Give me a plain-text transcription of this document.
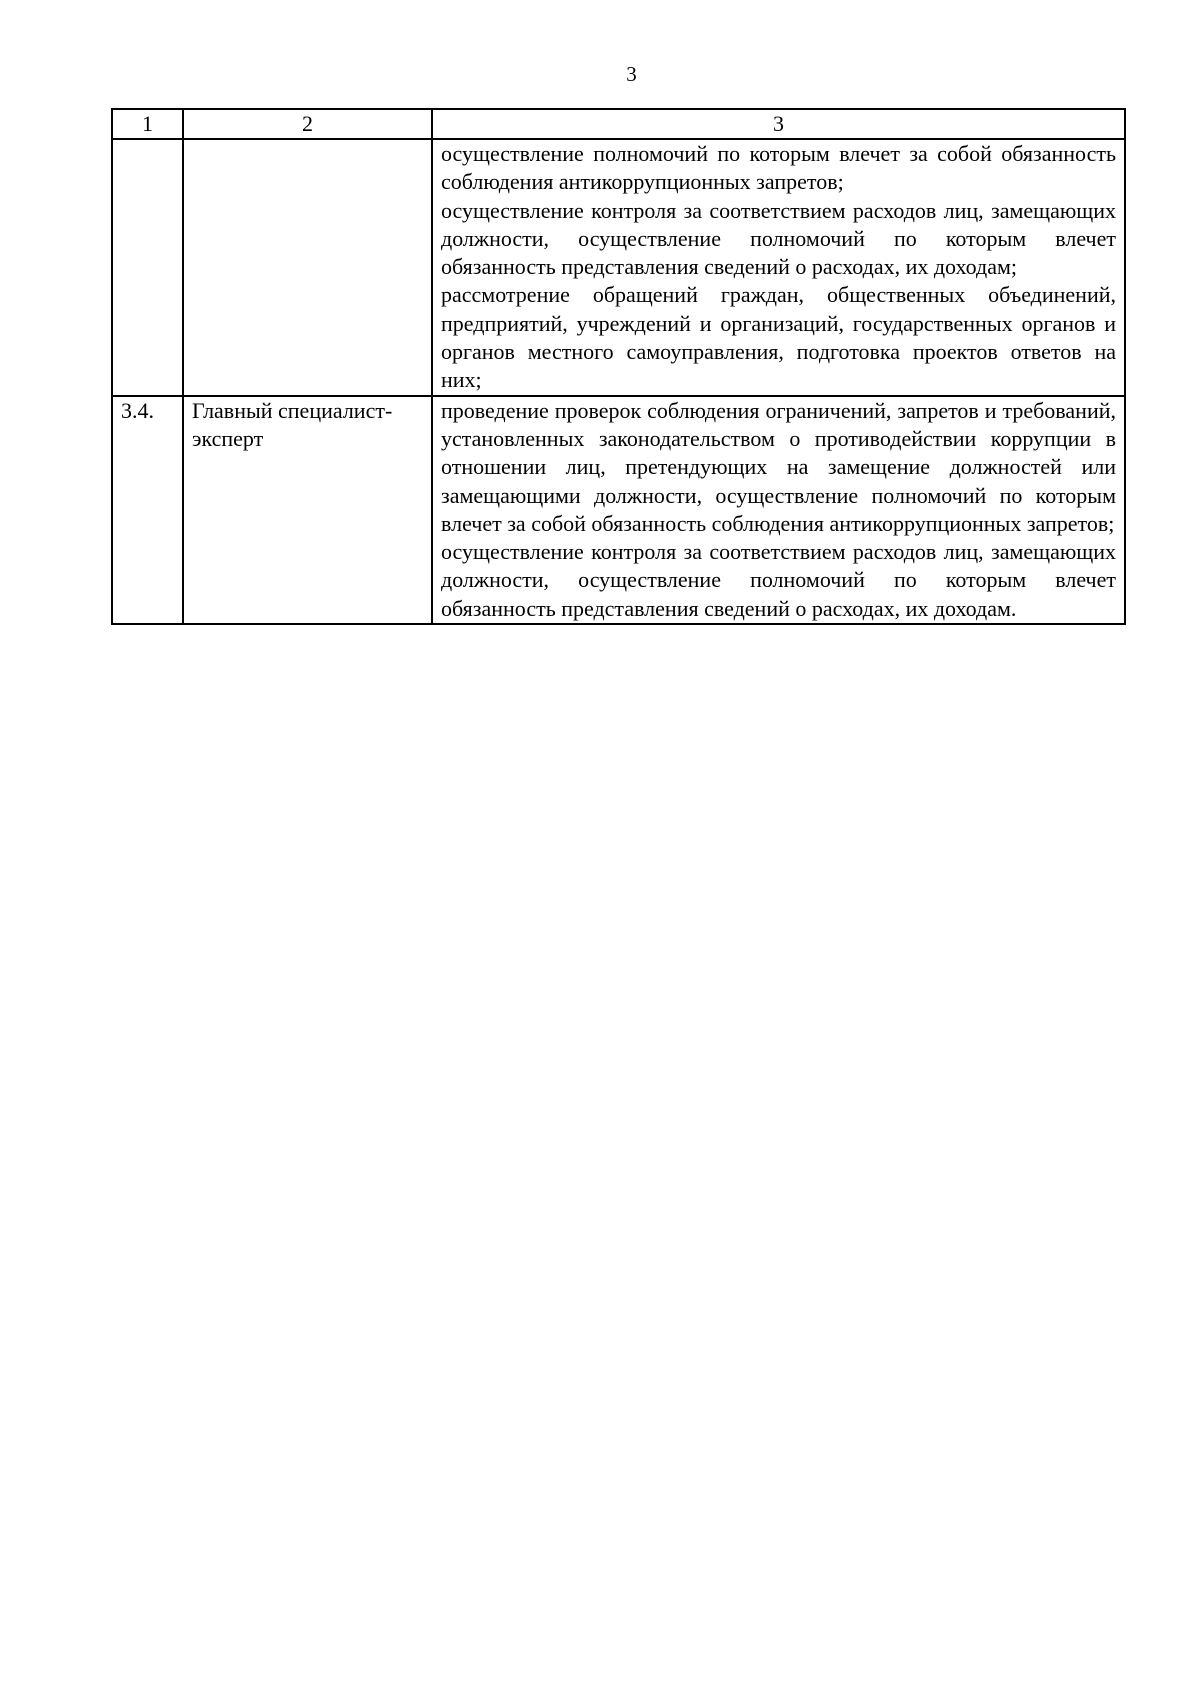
3
1	2	3

		осуществление полномочий по которым влечет за собой обязанность соблюдения антикоррупционных запретов;
осуществление контроля за соответствием расходов лиц, замещающих должности, осуществление полномочий по которым влечет обязанность представления сведений о расходах, их доходам;
рассмотрение обращений граждан, общественных объединений, предприятий, учреждений и организаций, государственных органов и органов местного самоуправления, подготовка проектов ответов на них;

3.4.	Главный специалист-эксперт	проведение проверок соблюдения ограничений, запретов и требований, установленных законодательством о противодействии коррупции в отношении лиц, претендующих на замещение должностей или замещающими должности, осуществление полномочий по которым влечет за собой обязанность соблюдения антикоррупционных запретов;
осуществление контроля за соответствием расходов лиц, замещающих должности, осуществление полномочий по которым влечет обязанность представления сведений о расходах, их доходам.
